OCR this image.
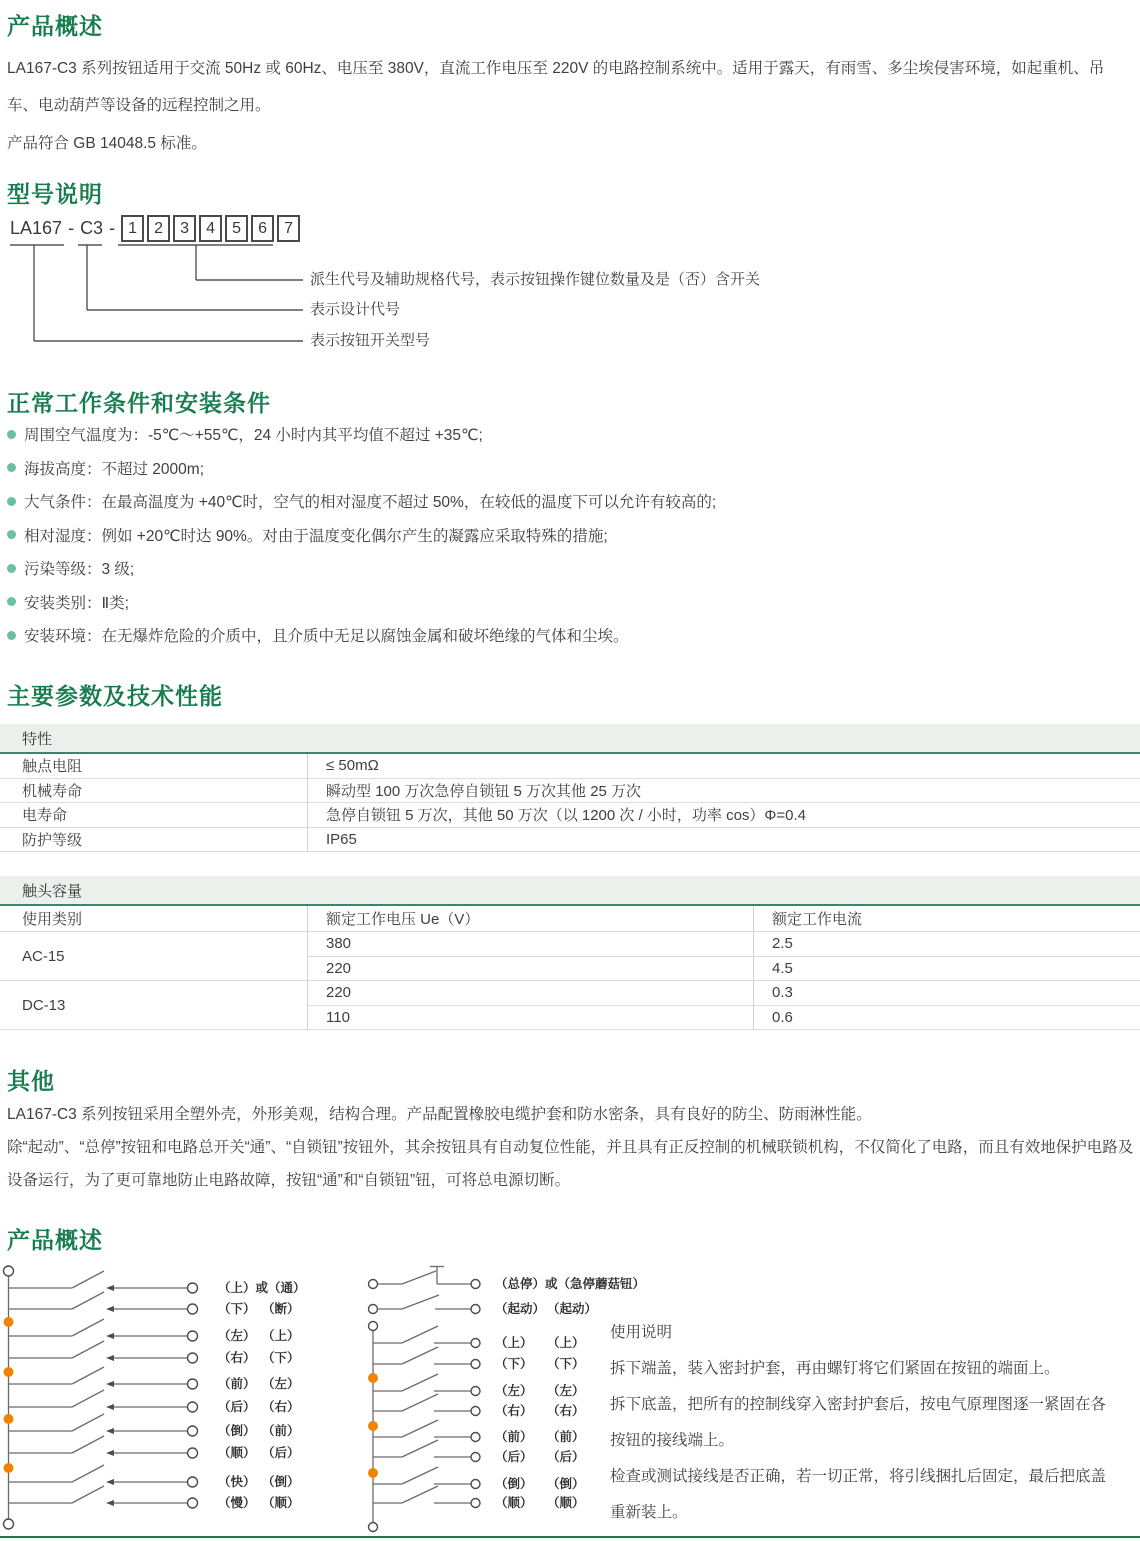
产品概述
LA167-C3 系列按钮适用于交流 50Hz 或 60Hz、电压至 380V，直流工作电压至 220V 的电路控制系统中。适用于露天，有雨雪、多尘埃侵害环境，如起重机、吊车、电动葫芦等设备的远程控制之用。
产品符合 GB 14048.5 标准。
型号说明
LA167 - C3 - 1 2 3 4 5 6 7
派生代号及辅助规格代号，表示按钮操作键位数量及是（否）含开关
表示设计代号
表示按钮开关型号
正常工作条件和安装条件
周围空气温度为：-5℃～+55℃，24 小时内其平均值不超过 +35℃;
海拔高度：不超过 2000m;
大气条件：在最高温度为 +40℃时，空气的相对湿度不超过 50%，在较低的温度下可以允许有较高的;
相对湿度：例如 +20℃时达 90%。对由于温度变化偶尔产生的凝露应采取特殊的措施;
污染等级：3 级;
安装类别：Ⅱ类;
安装环境：在无爆炸危险的介质中，且介质中无足以腐蚀金属和破坏绝缘的气体和尘埃。
主要参数及技术性能
特性
触点电阻	≤ 50mΩ
机械寿命	瞬动型 100 万次急停自锁钮 5 万次其他 25 万次
电寿命	急停自锁钮 5 万次，其他 50 万次（以 1200 次 / 小时，功率 cos）Φ=0.4
防护等级	IP65
触头容量
使用类别	额定工作电压 Ue（V）	额定工作电流
AC-15
380	2.5
220	4.5
DC-13
220	0.3
110	0.6
其他
LA167-C3 系列按钮采用全塑外壳，外形美观，结构合理。产品配置橡胶电缆护套和防水密条，具有良好的防尘、防雨淋性能。
除“起动”、“总停”按钮和电路总开关“通”、“自锁钮”按钮外，其余按钮具有自动复位性能，并且具有正反控制的机械联锁机构，不仅简化了电路，而且有效地保护电路及设备运行，为了更可靠地防止电路故障，按钮“通”和“自锁钮”钮，可将总电源切断。
产品概述
（上）或（通）
（下） （断）
（左） （上）
（右） （下）
（前） （左）
（后） （右）
（倒） （前）
（顺） （后）
（快） （倒）
（慢） （顺）
（总停）或（急停蘑菇钮）
（起动） （起动）
（上） （上）
（下） （下）
（左） （左）
（右） （右）
（前） （前）
（后） （后）
（倒） （倒）
（顺） （顺）
使用说明
拆下端盖，装入密封护套，再由螺钉将它们紧固在按钮的端面上。
拆下底盖，把所有的控制线穿入密封护套后，按电气原理图逐一紧固在各
按钮的接线端上。
检查或测试接线是否正确，若一切正常，将引线捆扎后固定，最后把底盖
重新装上。
